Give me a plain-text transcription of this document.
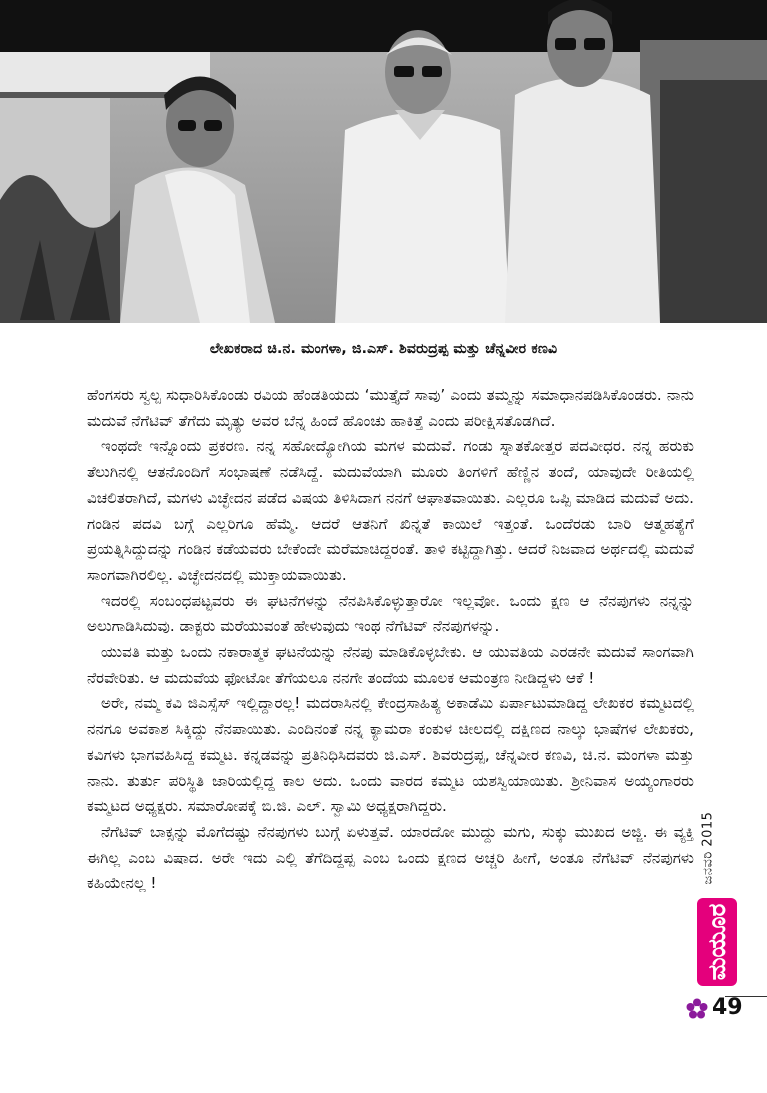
ಲೇಖಕರಾದ ಚಿ.ನ. ಮಂಗಳಾ, ಜಿ.ಎಸ್. ಶಿವರುದ್ರಪ್ಪ ಮತ್ತು ಚೆನ್ನವೀರ ಕಣವಿ

ಹೆಂಗಸರು ಸ್ವಲ್ಪ ಸುಧಾರಿಸಿಕೊಂಡು ರವಿಯ ಹೆಂಡತಿಯದು ‘ಮುತ್ತೈದೆ ಸಾವು’ ಎಂದು ತಮ್ಮನ್ನು ಸಮಾಧಾನಪಡಿಸಿಕೊಂಡರು. ನಾನು ಮದುವೆ ನೆಗೆಟಿವ್ ತೆಗೆದು ಮೃತ್ಯು ಅವರ ಬೆನ್ನ ಹಿಂದೆ ಹೊಂಚು ಹಾಕಿತ್ತೆ ಎಂದು ಪರೀಕ್ಷಿಸತೊಡಗಿದೆ.

ಇಂಥದೇ ಇನ್ನೊಂದು ಪ್ರಕರಣ. ನನ್ನ ಸಹೋದ್ಯೋಗಿಯ ಮಗಳ ಮದುವೆ. ಗಂಡು ಸ್ನಾತಕೋತ್ತರ ಪದವೀಧರ. ನನ್ನ ಹರುಕು ತೆಲುಗಿನಲ್ಲಿ ಆತನೊಂದಿಗೆ ಸಂಭಾಷಣೆ ನಡೆಸಿದ್ದೆ. ಮದುವೆಯಾಗಿ ಮೂರು ತಿಂಗಳಿಗೆ ಹೆಣ್ಣಿನ ತಂದೆ, ಯಾವುದೇ ರೀತಿಯಲ್ಲಿ ವಿಚಲಿತರಾಗಿದೆ, ಮಗಳು ವಿಚ್ಛೇದನ ಪಡೆದ ವಿಷಯ ತಿಳಿಸಿದಾಗ ನನಗೆ ಆಘಾತವಾಯಿತು. ಎಲ್ಲರೂ ಒಪ್ಪಿ ಮಾಡಿದ ಮದುವೆ ಅದು. ಗಂಡಿನ ಪದವಿ ಬಗ್ಗೆ ಎಲ್ಲರಿಗೂ ಹೆಮ್ಮೆ. ಆದರೆ ಆತನಿಗೆ ಖಿನ್ನತೆ ಕಾಯಿಲೆ ಇತ್ತಂತೆ. ಒಂದೆರಡು ಬಾರಿ ಆತ್ಮಹತ್ಯೆಗೆ ಪ್ರಯತ್ನಿಸಿದ್ದುದನ್ನು ಗಂಡಿನ ಕಡೆಯವರು ಬೇಕೆಂದೇ ಮರೆಮಾಚಿದ್ದರಂತೆ. ತಾಳಿ ಕಟ್ಟಿದ್ದಾಗಿತ್ತು. ಆದರೆ ನಿಜವಾದ ಅರ್ಥದಲ್ಲಿ ಮದುವೆ ಸಾಂಗವಾಗಿರಲಿಲ್ಲ. ವಿಚ್ಛೇದನದಲ್ಲಿ ಮುಕ್ತಾಯವಾಯಿತು.

ಇದರಲ್ಲಿ ಸಂಬಂಧಪಟ್ಟವರು ಈ ಘಟನೆಗಳನ್ನು ನೆನಪಿಸಿಕೊಳ್ಳುತ್ತಾರೋ ಇಲ್ಲವೋ. ಒಂದು ಕ್ಷಣ ಆ ನೆನಪುಗಳು ನನ್ನನ್ನು ಅಲುಗಾಡಿಸಿದುವು. ಡಾಕ್ಟರು ಮರೆಯುವಂತೆ ಹೇಳುವುದು ಇಂಥ ನೆಗೆಟಿವ್ ನೆನಪುಗಳನ್ನು.

ಯುವತಿ ಮತ್ತು ಒಂದು ನಕಾರಾತ್ಮಕ ಘಟನೆಯನ್ನು ನೆನಪು ಮಾಡಿಕೊಳ್ಳಬೇಕು. ಆ ಯುವತಿಯ ಎರಡನೇ ಮದುವೆ ಸಾಂಗವಾಗಿ ನೆರವೇರಿತು. ಆ ಮದುವೆಯ ಫೋಟೋ ತೆಗೆಯಲೂ ನನಗೇ ತಂದೆಯ ಮೂಲಕ ಆಮಂತ್ರಣ ನೀಡಿದ್ದಳು ಆಕೆ !

ಅರೇ, ನಮ್ಮ ಕವಿ ಜಿಎಸ್ಸೆಸ್ ಇಲ್ಲಿದ್ದಾರಲ್ಲ! ಮದರಾಸಿನಲ್ಲಿ ಕೇಂದ್ರಸಾಹಿತ್ಯ ಅಕಾಡೆಮಿ ಏರ್ಪಾಟುಮಾಡಿದ್ದ ಲೇಖಕರ ಕಮ್ಮಟದಲ್ಲಿ ನನಗೂ ಅವಕಾಶ ಸಿಕ್ಕಿದ್ದು ನೆನಪಾಯಿತು. ಎಂದಿನಂತೆ ನನ್ನ ಕ್ಯಾಮರಾ ಕಂಕುಳ ಚೀಲದಲ್ಲಿ ದಕ್ಷಿಣದ ನಾಲ್ಕು ಭಾಷೆಗಳ ಲೇಖಕರು, ಕವಿಗಳು ಭಾಗವಹಿಸಿದ್ದ ಕಮ್ಮಟ. ಕನ್ನಡವನ್ನು ಪ್ರತಿನಿಧಿಸಿದವರು ಜಿ.ಎಸ್. ಶಿವರುದ್ರಪ್ಪ, ಚೆನ್ನವೀರ ಕಣವಿ, ಚಿ.ನ. ಮಂಗಳಾ ಮತ್ತು ನಾನು. ತುರ್ತು ಪರಿಸ್ಥಿತಿ ಜಾರಿಯಲ್ಲಿದ್ದ ಕಾಲ ಅದು. ಒಂದು ವಾರದ ಕಮ್ಮಟ ಯಶಸ್ವಿಯಾಯಿತು. ಶ್ರೀನಿವಾಸ ಅಯ್ಯಂಗಾರರು ಕಮ್ಮಟದ ಅಧ್ಯಕ್ಷರು. ಸಮಾರೋಪಕ್ಕೆ ಬಿ.ಜಿ. ಎಲ್. ಸ್ವಾಮಿ ಅಧ್ಯಕ್ಷರಾಗಿದ್ದರು.

ನೆಗೆಟಿವ್ ಬಾಕ್ಸನ್ನು ಮೊಗೆದಷ್ಟು ನೆನಪುಗಳು ಬುಗ್ಗೆ ಏಳುತ್ತವೆ. ಯಾರದೋ ಮುದ್ದು ಮಗು, ಸುಕ್ಕು ಮುಖದ ಅಜ್ಜಿ. ಈ ವ್ಯಕ್ತಿ ಈಗಿಲ್ಲ ಎಂಬ ವಿಷಾದ. ಅರೇ ಇದು ಎಲ್ಲಿ ತೆಗೆದಿದ್ದಪ್ಪ ಎಂಬ ಒಂದು ಕ್ಷಣದ ಅಚ್ಚರಿ ಹೀಗೆ, ಅಂತೂ ನೆಗೆಟಿವ್ ನೆನಪುಗಳು ಕಹಿಯೇನಲ್ಲ !	ಜನವರಿ 2015
ಮಯೂರ
49
